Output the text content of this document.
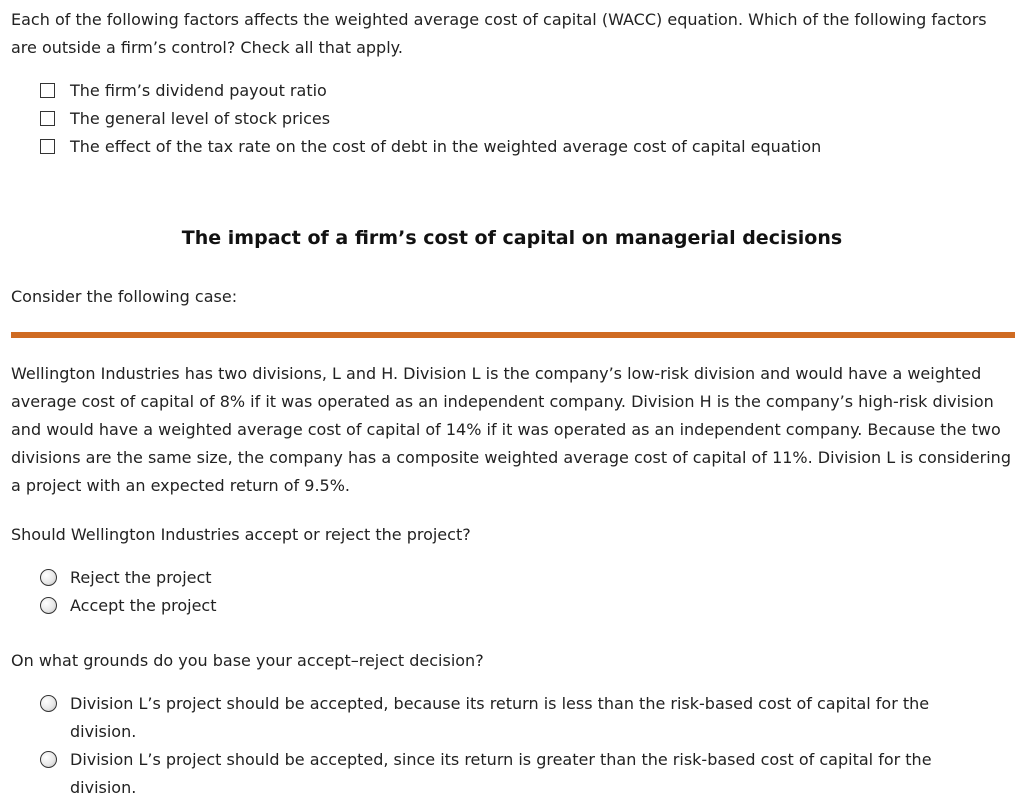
Each of the following factors affects the weighted average cost of capital (WACC) equation. Which of the following factors are outside a firm’s control? Check all that apply.

The firm’s dividend payout ratio
The general level of stock prices
The effect of the tax rate on the cost of debt in the weighted average cost of capital equation
The impact of a firm’s cost of capital on managerial decisions

Consider the following case:

Wellington Industries has two divisions, L and H. Division L is the company’s low-risk division and would have a weighted average cost of capital of 8% if it was operated as an independent company. Division H is the company’s high-risk division and would have a weighted average cost of capital of 14% if it was operated as an independent company. Because the two divisions are the same size, the company has a composite weighted average cost of capital of 11%. Division L is considering a project with an expected return of 9.5%.

Should Wellington Industries accept or reject the project?

Reject the project
Accept the project

On what grounds do you base your accept–reject decision?

Division L’s project should be accepted, because its return is less than the risk-based cost of capital for the division.
Division L’s project should be accepted, since its return is greater than the risk-based cost of capital for the division.
